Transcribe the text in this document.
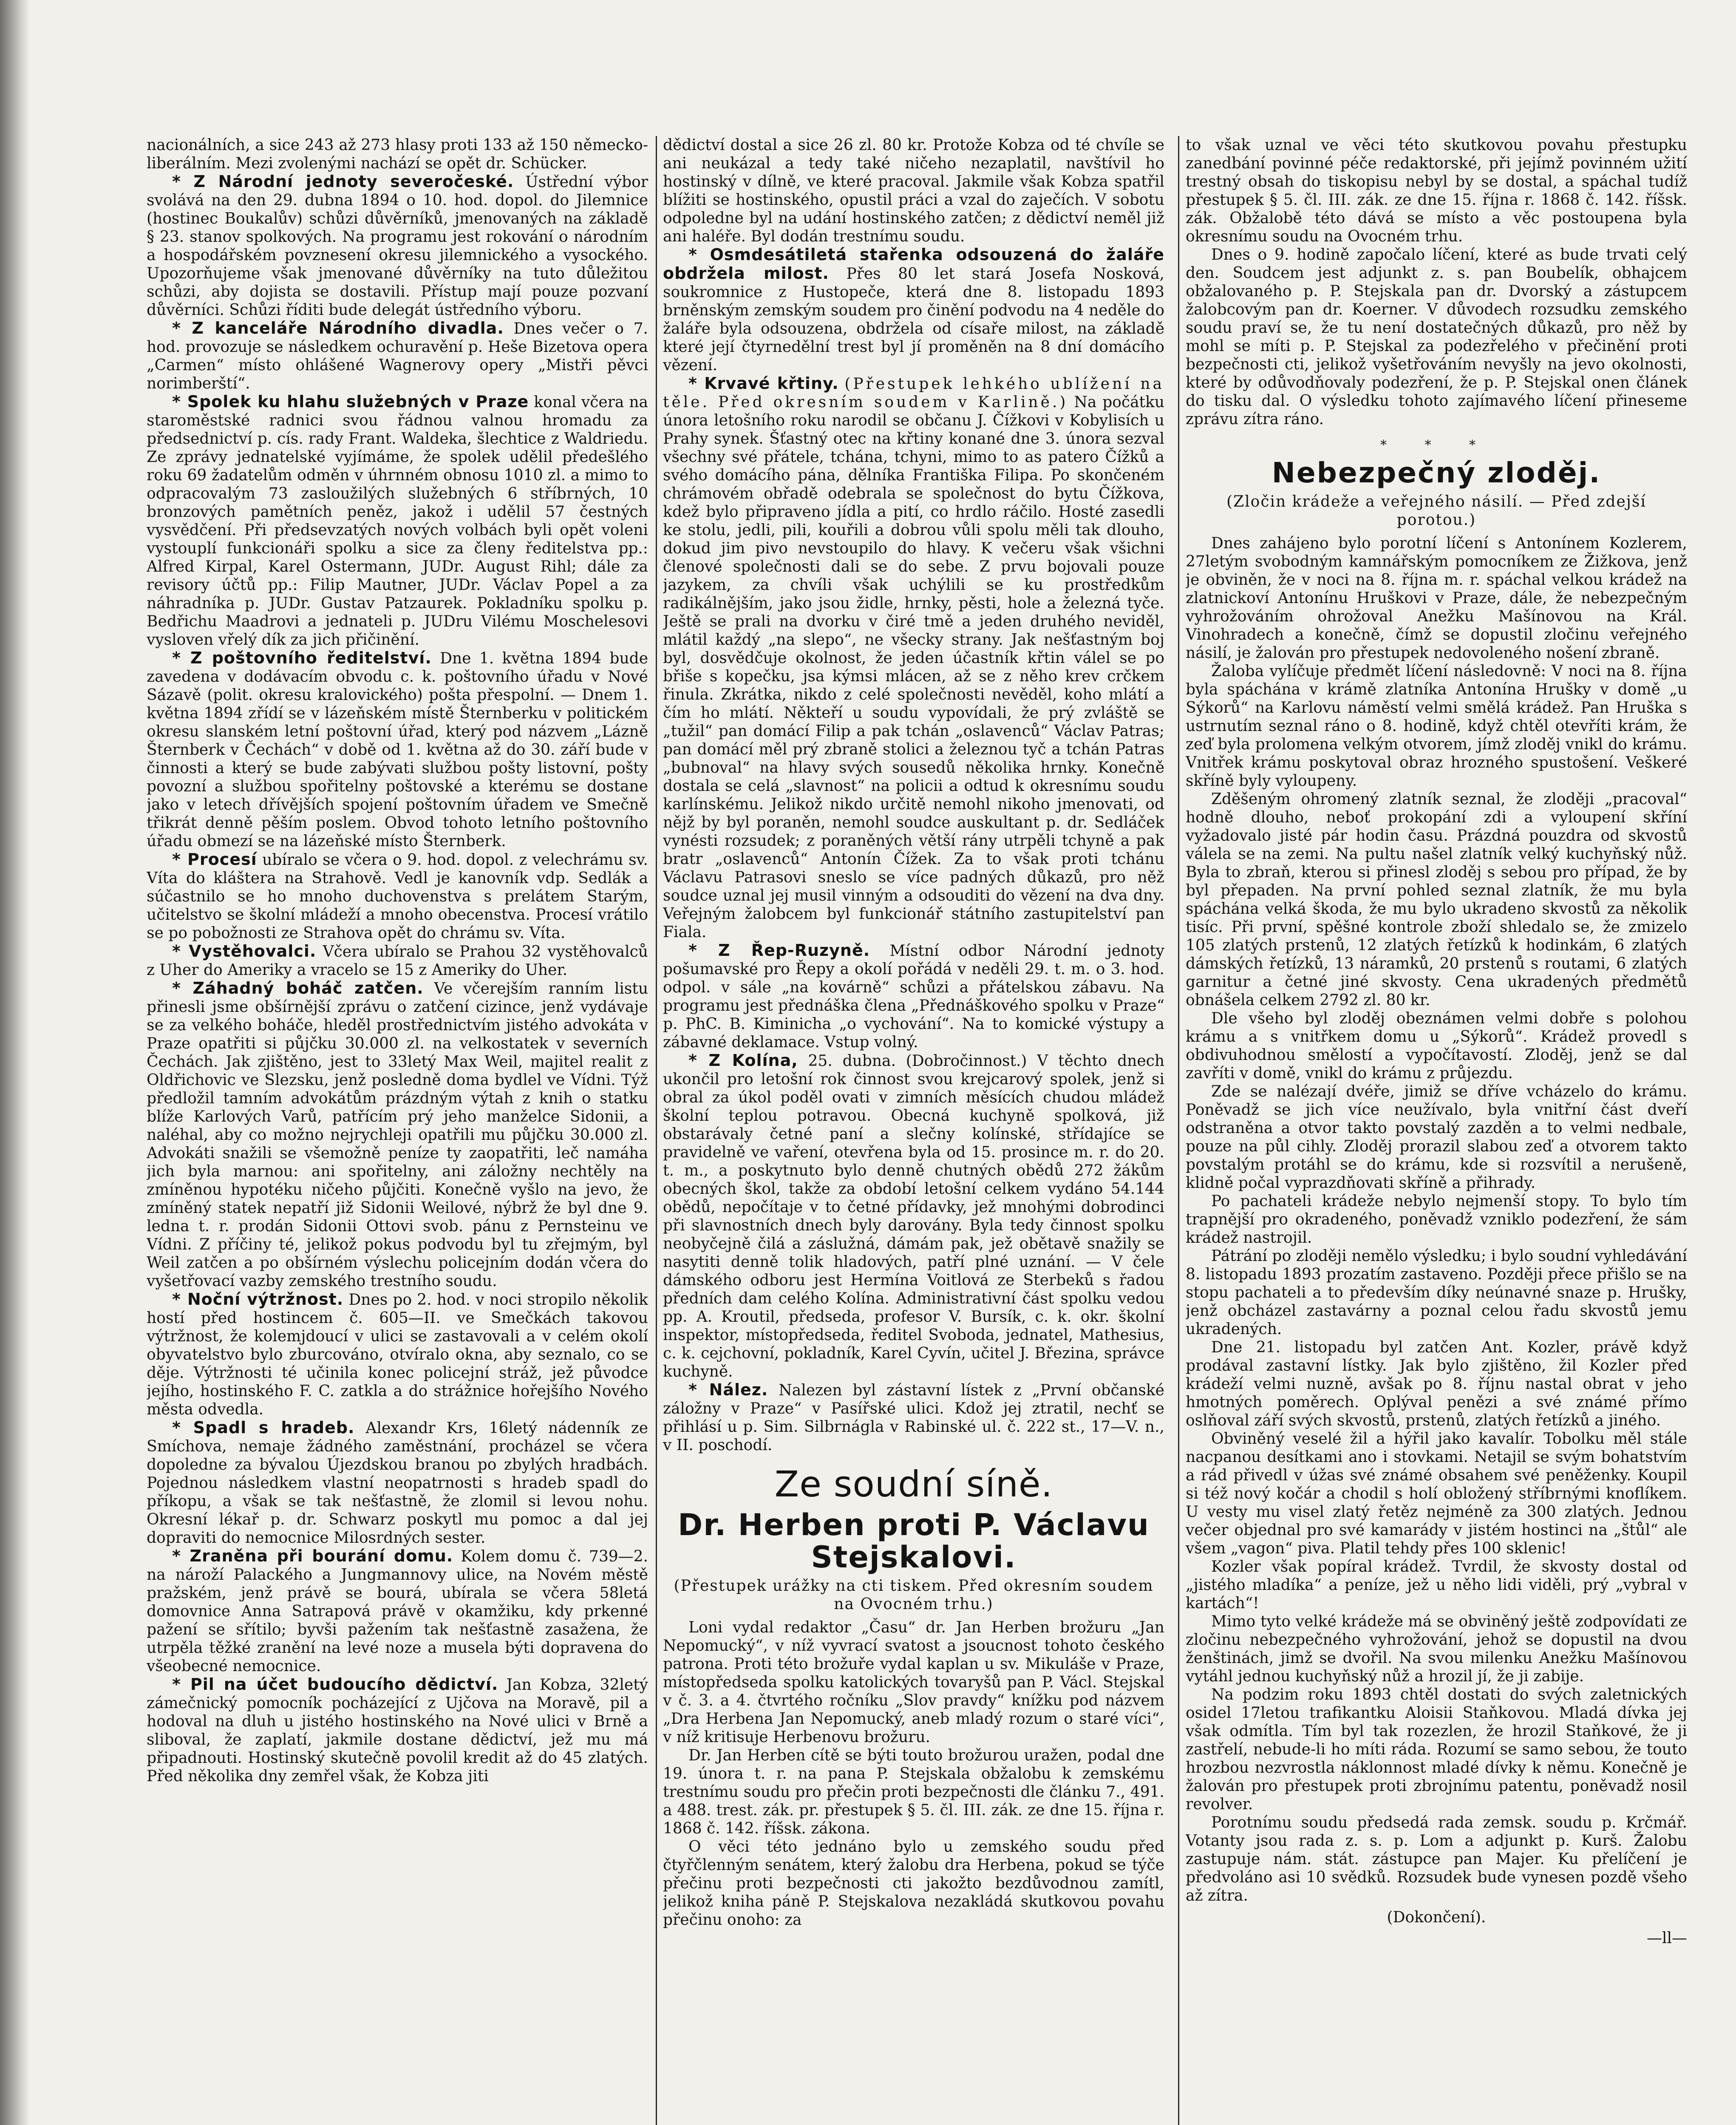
nacionálních, a sice 243 až 273 hlasy proti 133 až 150 německo-liberálním. Mezi zvolenými nachází se opět dr. Schücker.

* Z Národní jednoty severočeské. Ústřední výbor svolává na den 29. dubna 1894 o 10. hod. dopol. do Jilemnice (hostinec Boukalův) schůzi důvěrníků, jmenovaných na základě § 23. stanov spolkových. Na programu jest rokování o národním a hospodářském povznesení okresu jilemnického a vysockého. Upozorňujeme však jmenované důvěrníky na tuto důležitou schůzi, aby dojista se dostavili. Přístup mají pouze pozvaní důvěrníci. Schůzi říditi bude delegát ústředního výboru.

* Z kanceláře Národního divadla. Dnes večer o 7. hod. provozuje se následkem ochuravění p. Heše Bizetova opera „Carmen“ místo ohlášené Wagnerovy opery „Mistři pěvci norimberští“.

* Spolek ku hlahu služebných v Praze konal včera na staroměstské radnici svou řádnou valnou hromadu za předsednictví p. cís. rady Frant. Waldeka, šlechtice z Waldriedu. Ze zprávy jednatelské vyjímáme, že spolek udělil předešlého roku 69 žadatelům odměn v úhrnném obnosu 1010 zl. a mimo to odpracovalým 73 zasloužilých služebných 6 stříbrných, 10 bronzových pamětních peněz, jakož i udělil 57 čestných vysvědčení. Při předsevzatých nových volbách byli opět voleni vystouplí funkcionáři spolku a sice za členy ředitelstva pp.: Alfred Kirpal, Karel Ostermann, JUDr. August Rihl; dále za revisory účtů pp.: Filip Mautner, JUDr. Václav Popel a za náhradníka p. JUDr. Gustav Patzaurek. Pokladníku spolku p. Bedřichu Maadrovi a jednateli p. JUDru Vilému Moschelesovi vysloven vřelý dík za jich přičinění.

* Z poštovního ředitelství. Dne 1. května 1894 bude zavedena v dodávacím obvodu c. k. poštovního úřadu v Nové Sázavě (polit. okresu kralovického) pošta přespolní. — Dnem 1. května 1894 zřídí se v lázeňském místě Šternberku v politickém okresu slanském letní poštovní úřad, který pod názvem „Lázně Šternberk v Čechách“ v době od 1. května až do 30. září bude v činnosti a který se bude zabývati službou pošty listovní, pošty povozní a službou spořitelny poštovské a kterému se dostane jako v letech dřívějších spojení poštovním úřadem ve Smečně třikrát denně pěším poslem. Obvod tohoto letního poštovního úřadu obmezí se na lázeňské místo Šternberk.

* Procesí ubíralo se včera o 9. hod. dopol. z velechrámu sv. Víta do kláštera na Strahově. Vedl je kanovník vdp. Sedlák a súčastnilo se ho mnoho duchovenstva s prelátem Starým, učitelstvo se školní mládeží a mnoho obecenstva. Procesí vrátilo se po pobožnosti ze Strahova opět do chrámu sv. Víta.

* Vystěhovalci. Včera ubíralo se Prahou 32 vystěhovalců z Uher do Ameriky a vracelo se 15 z Ameriky do Uher.

* Záhadný boháč zatčen. Ve včerejším ranním listu přinesli jsme obšírnější zprávu o zatčení cizince, jenž vydávaje se za velkého boháče, hleděl prostřednictvím jistého advokáta v Praze opatřiti si půjčku 30.000 zl. na velkostatek v severních Čechách. Jak zjištěno, jest to 33letý Max Weil, majitel realit z Oldřichovic ve Slezsku, jenž posledně doma bydlel ve Vídni. Týž předložil tamním advokátům prázdným výtah z knih o statku blíže Karlových Varů, patřícím prý jeho manželce Sidonii, a naléhal, aby co možno nejrychleji opatřili mu půjčku 30.000 zl. Advokáti snažili se všemožně peníze ty zaopatřiti, leč namáha jich byla marnou: ani spořitelny, ani záložny nechtěly na zmíněnou hypotéku ničeho půjčiti. Konečně vyšlo na jevo, že zmíněný statek nepatří již Sidonii Weilové, nýbrž že byl dne 9. ledna t. r. prodán Sidonii Ottovi svob. pánu z Pernsteinu ve Vídni. Z příčiny té, jelikož pokus podvodu byl tu zřejmým, byl Weil zatčen a po obšírném výslechu policejním dodán včera do vyšetřovací vazby zemského trestního soudu.

* Noční výtržnost. Dnes po 2. hod. v noci stropilo několik hostí před hostincem č. 605—II. ve Smečkách takovou výtržnost, že kolemjdoucí v ulici se zastavovali a v celém okolí obyvatelstvo bylo zburcováno, otvíralo okna, aby seznalo, co se děje. Výtržnosti té učinila konec policejní stráž, jež původce jejího, hostinského F. C. zatkla a do strážnice hořejšího Nového města odvedla.

* Spadl s hradeb. Alexandr Krs, 16letý nádenník ze Smíchova, nemaje žádného zaměstnání, procházel se včera dopoledne za bývalou Újezdskou branou po zbylých hradbách. Pojednou následkem vlastní neopatrnosti s hradeb spadl do příkopu, a však se tak nešťastně, že zlomil si levou nohu. Okresní lékař p. dr. Schwarz poskytl mu pomoc a dal jej dopraviti do nemocnice Milosrdných sester.

* Zraněna při bourání domu. Kolem domu č. 739—2. na nároží Palackého a Jungmannovy ulice, na Novém městě pražském, jenž právě se bourá, ubírala se včera 58letá domovnice Anna Satrapová právě v okamžiku, kdy prkenné pažení se sřítilo; byvši pažením tak nešťastně zasažena, že utrpěla těžké zranění na levé noze a musela býti dopravena do všeobecné nemocnice.

* Pil na účet budoucího dědictví. Jan Kobza, 32letý zámečnický pomocník pocházející z Ujčova na Moravě, pil a hodoval na dluh u jistého hostinského na Nové ulici v Brně a sliboval, že zaplatí, jakmile dostane dědictví, jež mu má připadnouti. Hostinský skutečně povolil kredit až do 45 zlatých. Před několika dny zemřel však, že Kobza jiti

dědictví dostal a sice 26 zl. 80 kr. Protože Kobza od té chvíle se ani neukázal a tedy také ničeho nezaplatil, navštívil ho hostinský v dílně, ve které pracoval. Jakmile však Kobza spatřil blížiti se hostinského, opustil práci a vzal do zaječích. V sobotu odpoledne byl na udání hostinského zatčen; z dědictví neměl již ani haléře. Byl dodán trestnímu soudu.

* Osmdesátiletá stařenka odsouzená do žaláře obdržela milost. Přes 80 let stará Josefa Nosková, soukromnice z Hustopeče, která dne 8. listopadu 1893 brněnským zemským soudem pro činění podvodu na 4 neděle do žaláře byla odsouzena, obdržela od císaře milost, na základě které její čtyrnedělní trest byl jí proměněn na 8 dní domácího vězení.

* Krvavé křtiny. (Přestupek lehkého ublížení na těle. Před okresním soudem v Karlině.) Na počátku února letošního roku narodil se občanu J. Čížkovi v Kobylisích u Prahy synek. Šťastný otec na křtiny konané dne 3. února sezval všechny své přátele, tchána, tchyni, mimo to as patero Čížků a svého domácího pána, dělníka Františka Filipa. Po skončeném chrámovém obřadě odebrala se společnost do bytu Čížkova, kdež bylo připraveno jídla a pití, co hrdlo ráčilo. Hosté zasedli ke stolu, jedli, pili, kouřili a dobrou vůli spolu měli tak dlouho, dokud jim pivo nevstoupilo do hlavy. K večeru však všichni členové společnosti dali se do sebe. Z prvu bojovali pouze jazykem, za chvíli však uchýlili se ku prostředkům radikálnějším, jako jsou židle, hrnky, pěsti, hole a železná tyče. Ještě se prali na dvorku v čiré tmě a jeden druhého neviděl, mlátil každý „na slepo“, ne všecky strany. Jak nešťastným boj byl, dosvědčuje okolnost, že jeden účastník křtin válel se po břiše s kopečku, jsa kýmsi mlácen, až se z něho krev crčkem řinula. Zkrátka, nikdo z celé společnosti nevěděl, koho mlátí a čím ho mlátí. Někteří u soudu vypovídali, že prý zvláště se „tužil“ pan domácí Filip a pak tchán „oslavenců“ Václav Patras; pan domácí měl prý zbraně stolici a železnou tyč a tchán Patras „bubnoval“ na hlavy svých sousedů několika hrnky. Konečně dostala se celá „slavnost“ na policii a odtud k okresnímu soudu karlínskému. Jelikož nikdo určitě nemohl nikoho jmenovati, od nějž by byl poraněn, nemohl soudce auskultant p. dr. Sedláček vynésti rozsudek; z poraněných větší rány utrpěli tchyně a pak bratr „oslavenců“ Antonín Čížek. Za to však proti tchánu Václavu Patrasovi sneslo se více padných důkazů, pro něž soudce uznal jej musil vinným a odsouditi do vězení na dva dny. Veřejným žalobcem byl funkcionář státního zastupitelství pan Fiala.

* Z Řep-Ruzyně. Místní odbor Národní jednoty pošumavské pro Řepy a okolí pořádá v neděli 29. t. m. o 3. hod. odpol. v sále „na kovárně“ schůzi a přátelskou zábavu. Na programu jest přednáška člena „Přednáškového spolku v Praze“ p. PhC. B. Kiminicha „o vychování“. Na to komické výstupy a zábavné deklamace. Vstup volný.

* Z Kolína, 25. dubna. (Dobročinnost.) V těchto dnech ukončil pro letošní rok činnost svou krejcarový spolek, jenž si obral za úkol poděl ovati v zimních měsících chudou mládež školní teplou potravou. Obecná kuchyně spolková, již obstarávaly četné paní a slečny kolínské, střídajíce se pravidelně ve vaření, otevřena byla od 15. prosince m. r. do 20. t. m., a poskytnuto bylo denně chutných obědů 272 žákům obecných škol, takže za období letošní celkem vydáno 54.144 obědů, nepočítaje v to četné přídavky, jež mnohými dobrodinci při slavnostních dnech byly darovány. Byla tedy činnost spolku neobyčejně čilá a záslužná, dámám pak, jež obětavě snažily se nasytiti denně tolik hladových, patří plné uznání. — V čele dámského odboru jest Hermína Voitlová ze Sterbeků s řadou předních dam celého Kolína. Administrativní část spolku vedou pp. A. Kroutil, předseda, profesor V. Bursík, c. k. okr. školní inspektor, místopředseda, ředitel Svoboda, jednatel, Mathesius, c. k. cejchovní, pokladník, Karel Cyvín, učitel J. Březina, správce kuchyně.

* Nález. Nalezen byl zástavní lístek z „První občanské záložny v Praze“ v Pasířské ulici. Kdož jej ztratil, nechť se přihlásí u p. Sim. Silbrnágla v Rabinské ul. č. 222 st., 17—V. n., v II. poschodí.

Ze soudní síně.
Dr. Herben proti P. Václavu Stejskalovi.

(Přestupek urážky na cti tiskem. Před okresním soudem na Ovocném trhu.)

Loni vydal redaktor „Času“ dr. Jan Herben brožuru „Jan Nepomucký“, v níž vyvrací svatost a jsoucnost tohoto českého patrona. Proti této brožuře vydal kaplan u sv. Mikuláše v Praze, místopředseda spolku katolických tovaryšů pan P. Václ. Stejskal v č. 3. a 4. čtvrtého ročníku „Slov pravdy“ knížku pod názvem „Dra Herbena Jan Nepomucký, aneb mladý rozum o staré víci“, v níž kritisuje Herbenovu brožuru.

Dr. Jan Herben cítě se býti touto brožurou uražen, podal dne 19. února t. r. na pana P. Stejskala obžalobu k zemskému trestnímu soudu pro přečin proti bezpečnosti dle článku 7., 491. a 488. trest. zák. pr. přestupek § 5. čl. III. zák. ze dne 15. října r. 1868 č. 142. říšsk. zákona.

O věci této jednáno bylo u zemského soudu před čtyřčlenným senátem, který žalobu dra Herbena, pokud se týče přečinu proti bezpečnosti cti jakožto bezdůvodnou zamítl, jelikož kniha páně P. Stejskalova nezakládá skutkovou povahu přečinu onoho: za

to však uznal ve věci této skutkovou povahu přestupku zanedbání povinné péče redaktorské, při jejímž povinném užití trestný obsah do tiskopisu nebyl by se dostal, a spáchal tudíž přestupek § 5. čl. III. zák. ze dne 15. října r. 1868 č. 142. říšsk. zák. Obžalobě této dává se místo a věc postoupena byla okresnímu soudu na Ovocném trhu.

Dnes o 9. hodině započalo líčení, které as bude trvati celý den. Soudcem jest adjunkt z. s. pan Boubelík, obhajcem obžalovaného p. P. Stejskala pan dr. Dvorský a zástupcem žalobcovým pan dr. Koerner. V důvodech rozsudku zemského soudu praví se, že tu není dostatečných důkazů, pro něž by mohl se míti p. P. Stejskal za podezřelého v přečinění proti bezpečnosti cti, jelikož vyšetřováním nevyšly na jevo okolnosti, které by odůvodňovaly podezření, že p. P. Stejskal onen článek do tisku dal. O výsledku tohoto zajímavého líčení přineseme zprávu zítra ráno.

* * *

Nebezpečný zloděj.

(Zločin krádeže a veřejného násilí. — Před zdejší porotou.)

Dnes zahájeno bylo porotní líčení s Antonínem Kozlerem, 27letým svobodným kamnářským pomocníkem ze Žižkova, jenž je obviněn, že v noci na 8. října m. r. spáchal velkou krádež na zlatnickoví Antonínu Hruškovi v Praze, dále, že nebezpečným vyhrožováním ohrožoval Anežku Mašínovou na Král. Vinohradech a konečně, čímž se dopustil zločinu veřejného násilí, je žalován pro přestupek nedovoleného nošení zbraně.

Žaloba vylíčuje předmět líčení následovně: V noci na 8. října byla spáchána v krámě zlatníka Antonína Hrušky v domě „u Sýkorů“ na Karlovu náměstí velmi smělá krádež. Pan Hruška s ustrnutím seznal ráno o 8. hodině, když chtěl otevříti krám, že zeď byla prolomena velkým otvorem, jímž zloděj vnikl do krámu. Vnitřek krámu poskytoval obraz hrozného spustošení. Veškeré skříně byly vyloupeny.

Zděšeným ohromený zlatník seznal, že zloději „pracoval“ hodně dlouho, neboť prokopání zdi a vyloupení skříní vyžadovalo jisté pár hodin času. Prázdná pouzdra od skvostů válela se na zemi. Na pultu našel zlatník velký kuchyňský nůž. Byla to zbraň, kterou si přinesl zloděj s sebou pro případ, že by byl přepaden. Na první pohled seznal zlatník, že mu byla spáchána velká škoda, že mu bylo ukradeno skvostů za několik tisíc. Při první, spěšné kontrole zboží shledalo se, že zmizelo 105 zlatých prstenů, 12 zlatých řetízků k hodinkám, 6 zlatých dámských řetízků, 13 náramků, 20 prstenů s routami, 6 zlatých garnitur a četné jiné skvosty. Cena ukradených předmětů obnášela celkem 2792 zl. 80 kr.

Dle všeho byl zloděj obeznámen velmi dobře s polohou krámu a s vnitřkem domu u „Sýkorů“. Krádež provedl s obdivuhodnou smělostí a vypočítavostí. Zloděj, jenž se dal zavříti v domě, vnikl do krámu z průjezdu.

Zde se nalézají dvéře, jimiž se dříve vcházelo do krámu. Poněvadž se jich více neužívalo, byla vnitřní část dveří odstraněna a otvor takto povstalý zazděn a to velmi nedbale, pouze na půl cihly. Zloděj prorazil slabou zeď a otvorem takto povstalým protáhl se do krámu, kde si rozsvítil a nerušeně, klidně počal vyprazdňovati skříně a přihrady.

Po pachateli krádeže nebylo nejmenší stopy. To bylo tím trapnější pro okradeného, poněvadž vzniklo podezření, že sám krádež nastrojil.

Pátrání po zloději nemělo výsledku; i bylo soudní vyhledávání 8. listopadu 1893 prozatím zastaveno. Později přece přišlo se na stopu pachateli a to především díky neúnavné snaze p. Hrušky, jenž obcházel zastavárny a poznal celou řadu skvostů jemu ukradených.

Dne 21. listopadu byl zatčen Ant. Kozler, právě když prodával zastavní lístky. Jak bylo zjištěno, žil Kozler před krádeží velmi nuzně, avšak po 8. říjnu nastal obrat v jeho hmotných poměrech. Oplýval penězi a své známé přímo oslňoval září svých skvostů, prstenů, zlatých řetízků a jiného.

Obviněný veselé žil a hýřil jako kavalír. Tobolku měl stále nacpanou desítkami ano i stovkami. Netajil se svým bohatstvím a rád přivedl v úžas své známé obsahem své peněženky. Koupil si též nový kočár a chodil s holí obložený stříbrnými knoflíkem. U vesty mu visel zlatý řetěz nejméně za 300 zlatých. Jednou večer objednal pro své kamarády v jistém hostinci na „štůl“ ale všem „vagon“ piva. Platil tehdy přes 100 sklenic!

Kozler však popíral krádež. Tvrdil, že skvosty dostal od „jistého mladíka“ a peníze, jež u něho lidi viděli, prý „vybral v kartách“!

Mimo tyto velké krádeže má se obviněný ještě zodpovídati ze zločinu nebezpečného vyhrožování, jehož se dopustil na dvou ženštinách, jimž se dvořil. Na svou milenku Anežku Mašínovou vytáhl jednou kuchyňský nůž a hrozil jí, že ji zabije.

Na podzim roku 1893 chtěl dostati do svých zaletnických osidel 17letou trafikantku Aloisii Staňkovou. Mladá dívka jej však odmítla. Tím byl tak rozezlen, že hrozil Staňkové, že ji zastřelí, nebude-li ho míti ráda. Rozumí se samo sebou, že touto hrozbou nezvrostla náklonnost mladé dívky k němu. Konečně je žalován pro přestupek proti zbrojnímu patentu, poněvadž nosil revolver.

Porotnímu soudu předsedá rada zemsk. soudu p. Krčmář. Votanty jsou rada z. s. p. Lom a adjunkt p. Kurš. Žalobu zastupuje nám. stát. zástupce pan Majer. Ku přelíčení je předvoláno asi 10 svědků. Rozsudek bude vynesen pozdě všeho až zítra.

(Dokončení).

—ll—
